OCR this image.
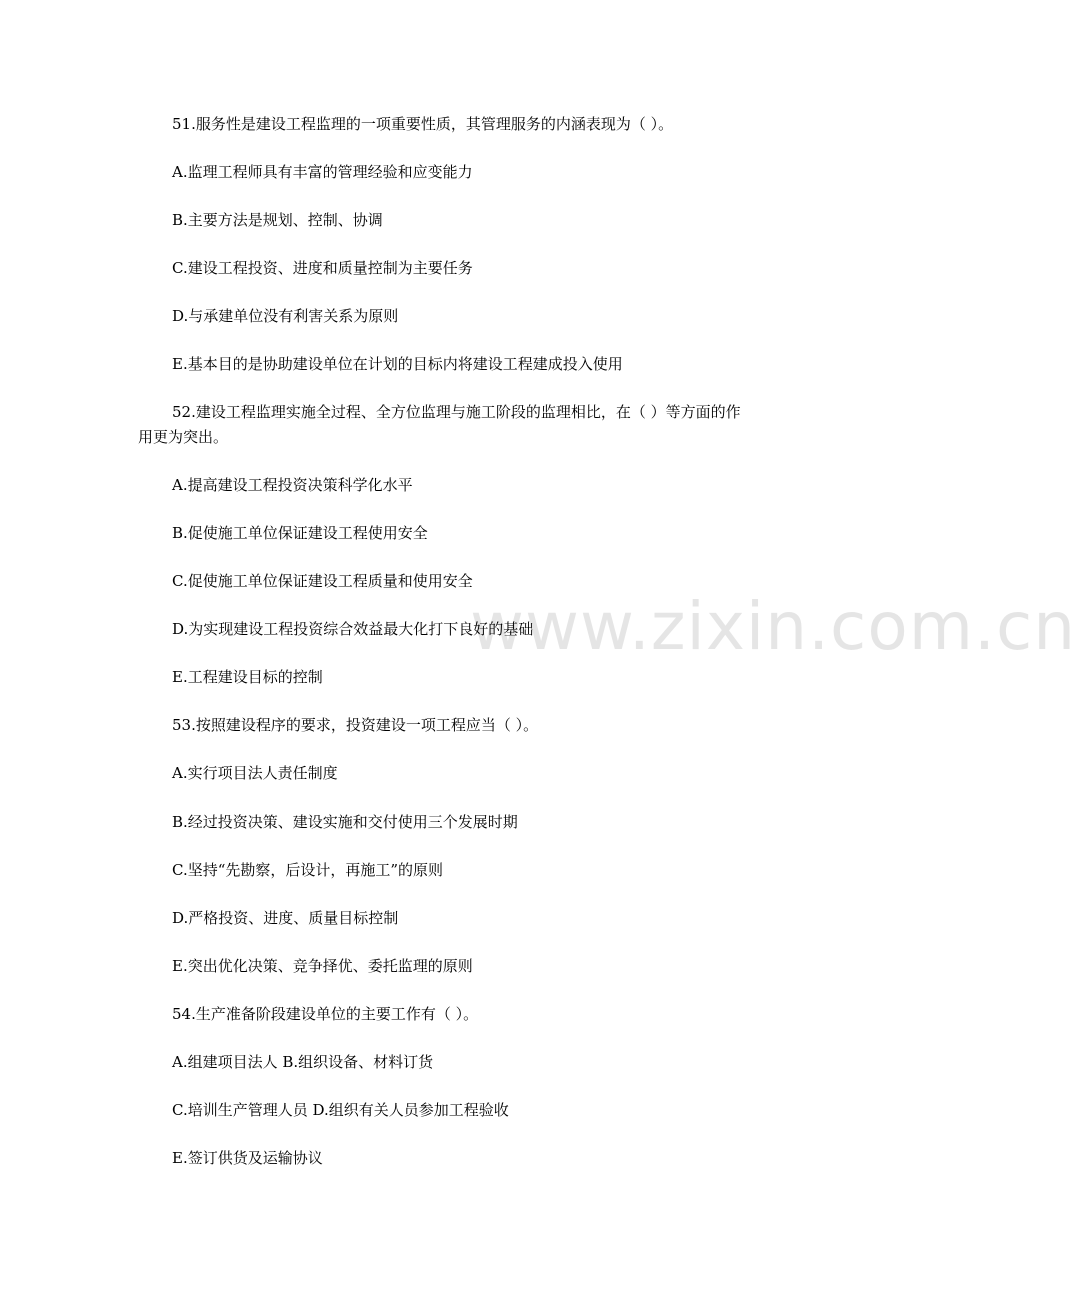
www.zixin.com.cn
51.服务性是建设工程监理的一项重要性质，其管理服务的内涵表现为（ ）。
A.监理工程师具有丰富的管理经验和应变能力
B.主要方法是规划、控制、协调
C.建设工程投资、进度和质量控制为主要任务
D.与承建单位没有利害关系为原则
E.基本目的是协助建设单位在计划的目标内将建设工程建成投入使用
52.建设工程监理实施全过程、全方位监理与施工阶段的监理相比，在（ ）等方面的作
用更为突出。
A.提高建设工程投资决策科学化水平
B.促使施工单位保证建设工程使用安全
C.促使施工单位保证建设工程质量和使用安全
D.为实现建设工程投资综合效益最大化打下良好的基础
E.工程建设目标的控制
53.按照建设程序的要求，投资建设一项工程应当（ ）。
A.实行项目法人责任制度
B.经过投资决策、建设实施和交付使用三个发展时期
C.坚持“先勘察，后设计，再施工”的原则
D.严格投资、进度、质量目标控制
E.突出优化决策、竞争择优、委托监理的原则
54.生产准备阶段建设单位的主要工作有（ ）。
A.组建项目法人 B.组织设备、材料订货
C.培训生产管理人员 D.组织有关人员参加工程验收
E.签订供货及运输协议
